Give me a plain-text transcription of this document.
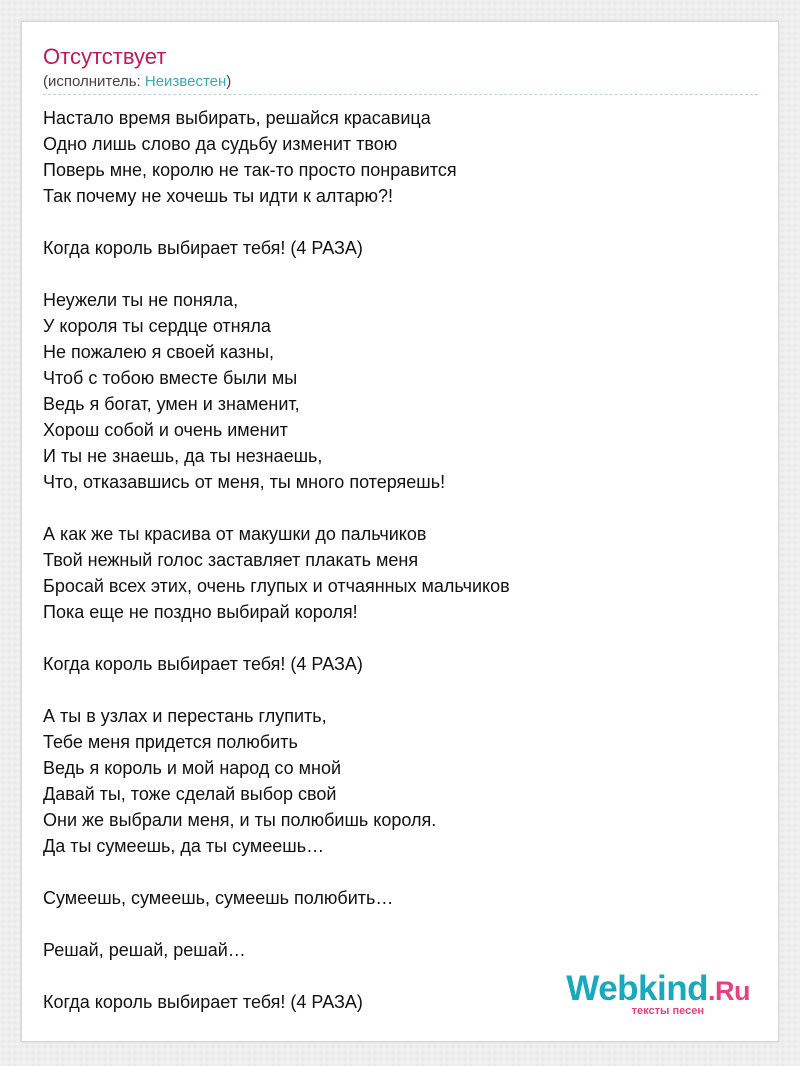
Отсутствует
(исполнитель: Неизвестен)
Настало время выбирать, решайся красавица
Одно лишь слово да судьбу изменит твою
Поверь мне, королю не так-то просто понравится
Так почему не хочешь ты идти к алтарю?!
Когда король выбирает тебя! (4 РАЗА)
Неужели ты не поняла,
У короля ты сердце отняла
Не пожалею я своей казны,
Чтоб с тобою вместе были мы
Ведь я богат, умен и знаменит,
Хорош собой и очень именит
И ты не знаешь, да ты незнаешь,
Что, отказавшись от меня, ты много потеряешь!
А как же ты красива от макушки до пальчиков
Твой нежный голос заставляет плакать меня
Бросай всех этих, очень глупых и отчаянных мальчиков
Пока еще не поздно выбирай короля!
Когда король выбирает тебя! (4 РАЗА)
А ты в узлах и перестань глупить,
Тебе меня придется полюбить
Ведь я король и мой народ со мной
Давай ты, тоже сделай выбор свой
Они же выбрали меня, и ты полюбишь короля.
Да ты сумеешь, да ты сумеешь…
Сумеешь, сумеешь, сумеешь полюбить…
Решай, решай, решай…
Когда король выбирает тебя! (4 РАЗА)	Webkind.Ru
тексты песен
